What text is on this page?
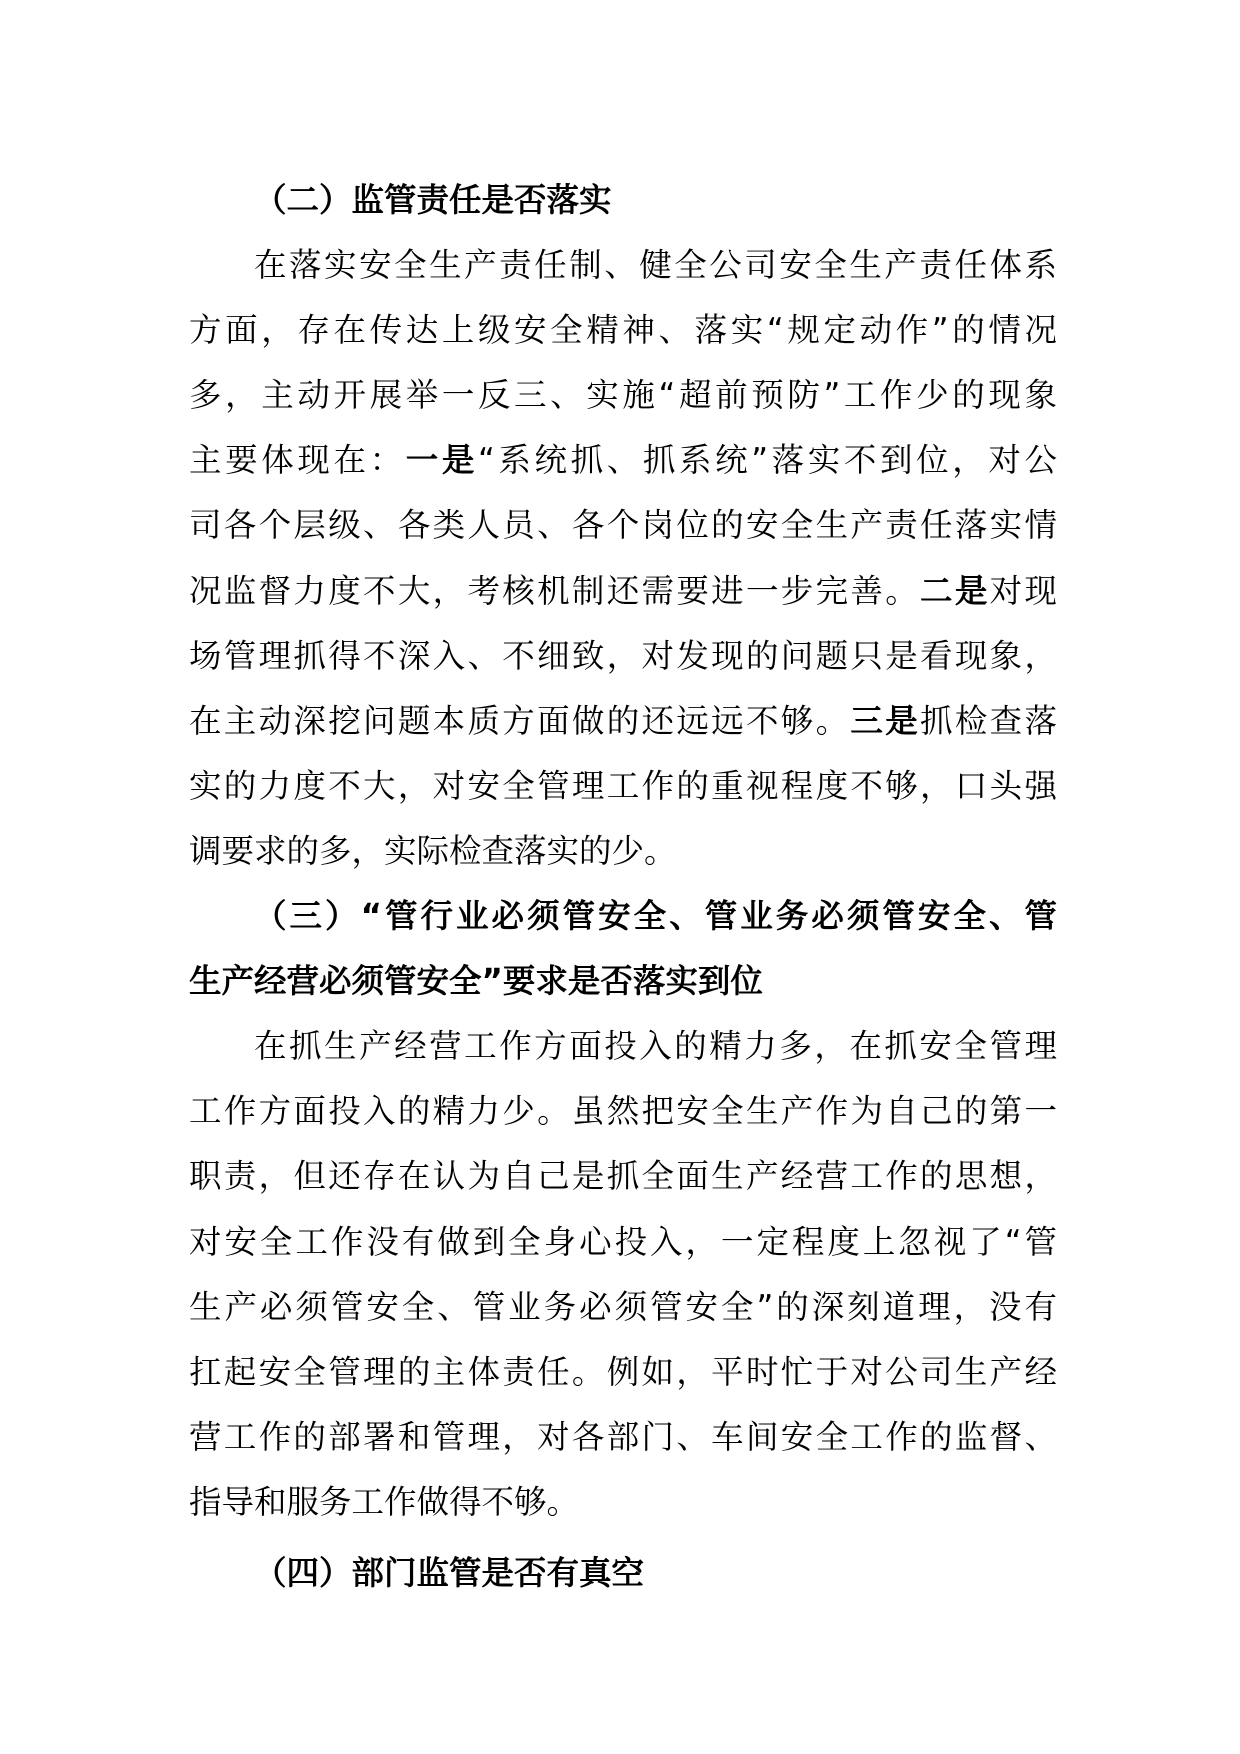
（二）监管责任是否落实
在落实安全生产责任制、健全公司安全生产责任体系
方面，存在传达上级安全精神、落实“规定动作”的情况
多，主动开展举一反三、实施“超前预防”工作少的现象
主要体现在：一是“系统抓、抓系统”落实不到位，对公
司各个层级、各类人员、各个岗位的安全生产责任落实情
况监督力度不大，考核机制还需要进一步完善。二是对现
场管理抓得不深入、不细致，对发现的问题只是看现象，
在主动深挖问题本质方面做的还远远不够。三是抓检查落
实的力度不大，对安全管理工作的重视程度不够，口头强
调要求的多，实际检查落实的少。
（三）“管行业必须管安全、管业务必须管安全、管
生产经营必须管安全”要求是否落实到位
在抓生产经营工作方面投入的精力多，在抓安全管理
工作方面投入的精力少。虽然把安全生产作为自己的第一
职责，但还存在认为自己是抓全面生产经营工作的思想，
对安全工作没有做到全身心投入，一定程度上忽视了“管
生产必须管安全、管业务必须管安全”的深刻道理，没有
扛起安全管理的主体责任。例如，平时忙于对公司生产经
营工作的部署和管理，对各部门、车间安全工作的监督、
指导和服务工作做得不够。
（四）部门监管是否有真空
